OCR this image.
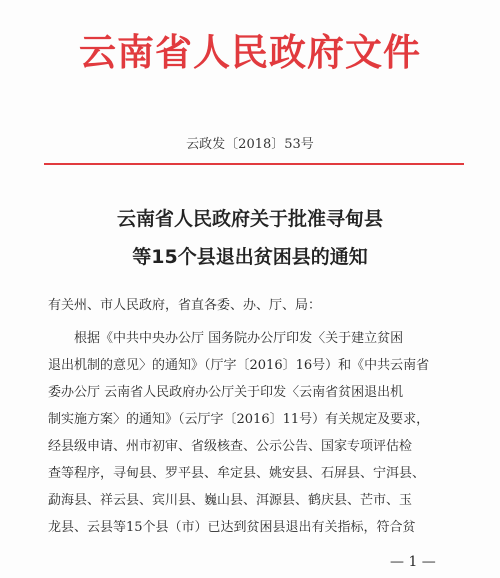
云南省人民政府文件
云政发〔2018〕53号
云南省人民政府关于批准寻甸县
等15个县退出贫困县的通知
有关州、市人民政府，省直各委、办、厅、局：
根据《中共中央办公厅 国务院办公厅印发〈关于建立贫困
退出机制的意见〉的通知》（厅字〔2016〕16号）和《中共云南省
委办公厅 云南省人民政府办公厅关于印发〈云南省贫困退出机
制实施方案〉的通知》（云厅字〔2016〕11号）有关规定及要求，
经县级申请、州市初审、省级核查、公示公告、国家专项评估检
查等程序，寻甸县、罗平县、牟定县、姚安县、石屏县、宁洱县、
勐海县、祥云县、宾川县、巍山县、洱源县、鹤庆县、芒市、玉
龙县、云县等15个县（市）已达到贫困县退出有关指标，符合贫
— 1 —
